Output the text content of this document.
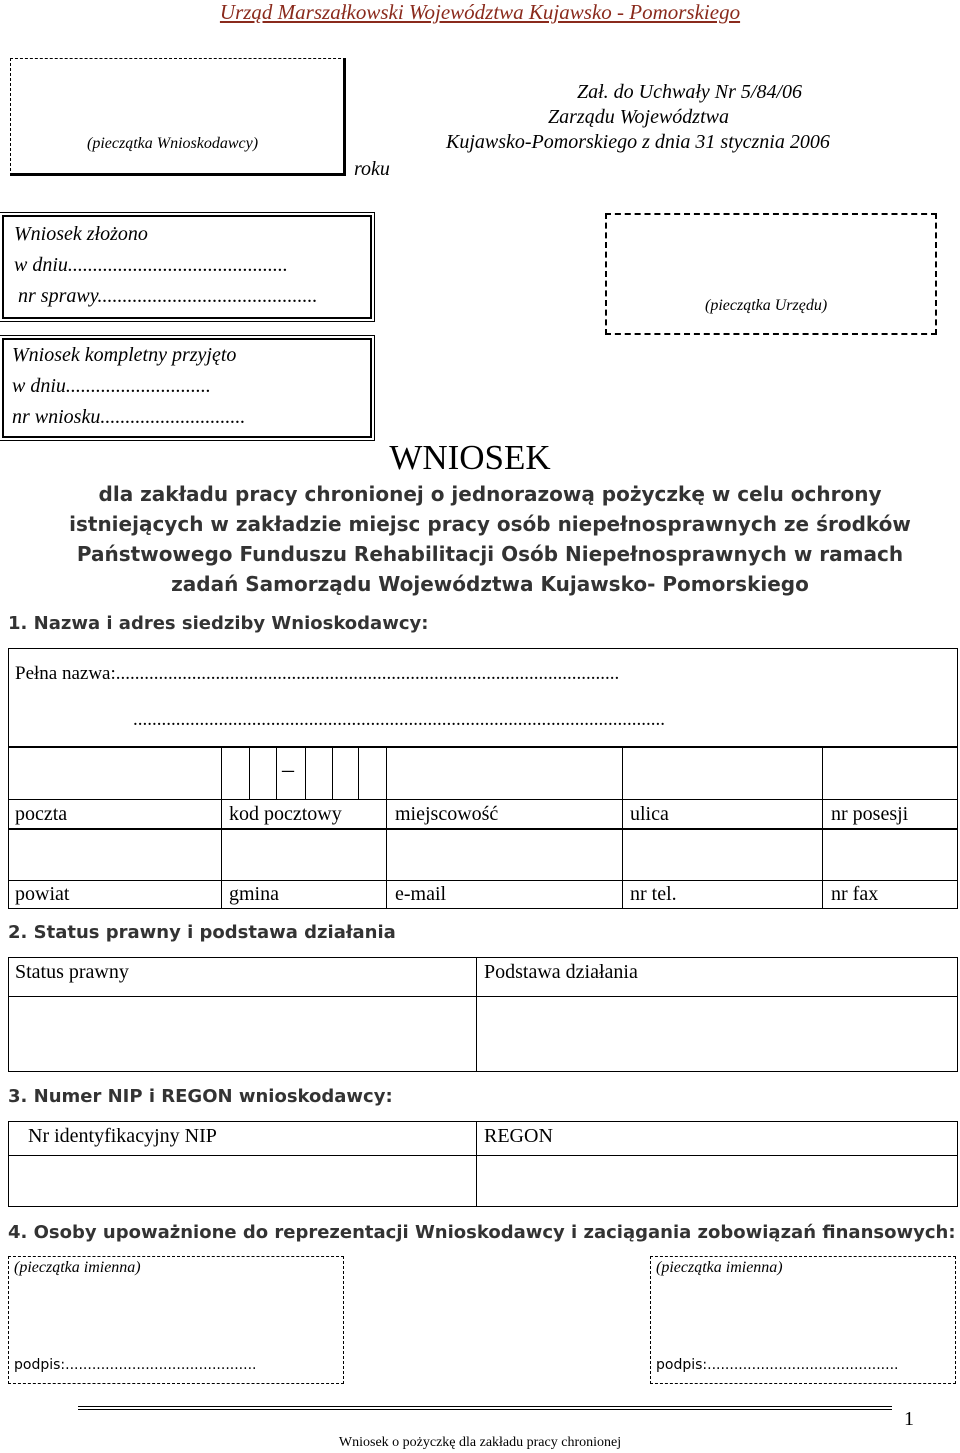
Urząd Marszałkowski Województwa Kujawsko - Pomorskiego
(pieczątka Wnioskodawcy)
roku
Zał. do Uchwały Nr 5/84/06
Zarządu Województwa
Kujawsko-Pomorskiego z dnia 31 stycznia 2006
Wniosek złożono
w dniu............................................
nr sprawy............................................	(pieczątka Urzędu)
Wniosek kompletny przyjęto
w dniu.............................
nr wniosku.............................
WNIOSEK
dla zakładu pracy chronionej o jednorazową pożyczkę w celu ochrony
istniejących w zakładzie miejsc pracy osób niepełnosprawnych ze środków
Państwowego Funduszu Rehabilitacji Osób Niepełnosprawnych w ramach
zadań Samorządu Województwa Kujawsko- Pomorskiego
1. Nazwa i adres siedziby Wnioskodawcy:
Pełna nazwa:..........................................................................................................
................................................................................................................
–
poczta	kod pocztowy	miejscowość	ulica	nr posesji
powiat	gmina	e-mail	nr tel.	nr fax
2. Status prawny i podstawa działania
Status prawny	Podstawa działania
3. Numer NIP i REGON wnioskodawcy:
Nr identyfikacyjny NIP	REGON
4. Osoby upoważnione do reprezentacji Wnioskodawcy i zaciągania zobowiązań finansowych:
(pieczątka imienna)
podpis:...........................................
(pieczątka imienna)
podpis:...........................................
1
Wniosek o pożyczkę dla zakładu pracy chronionej
